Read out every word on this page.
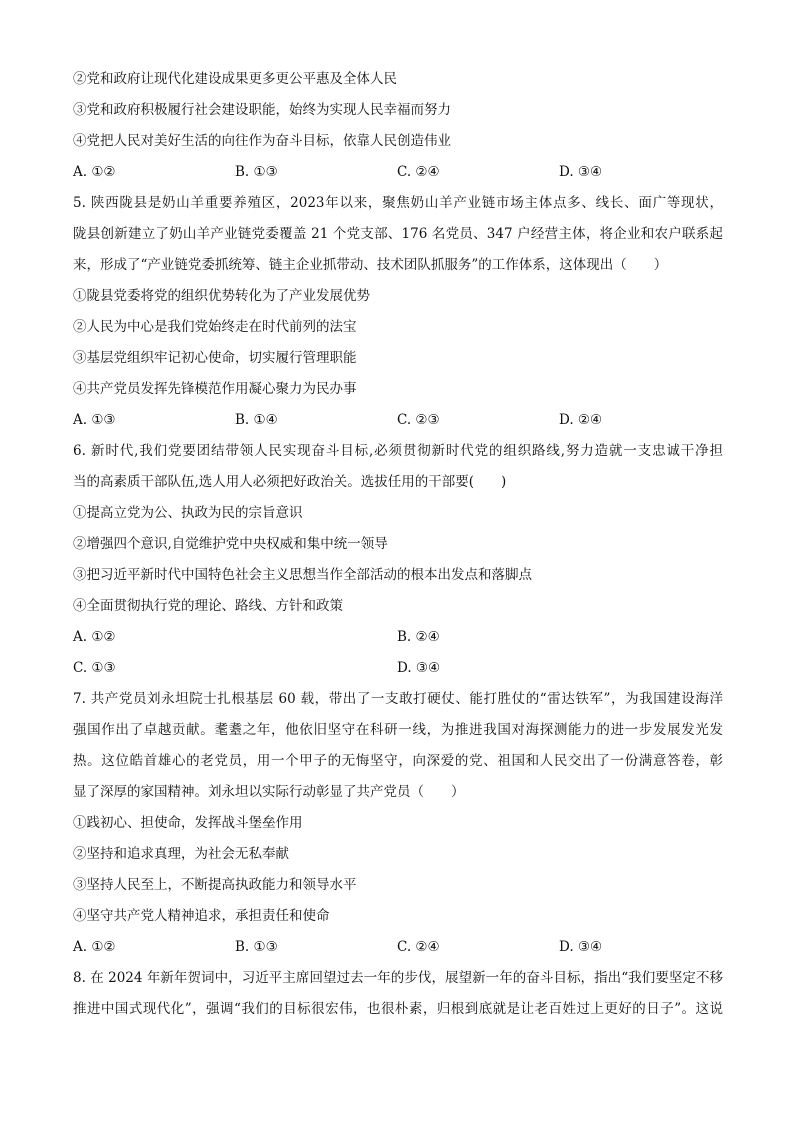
②党和政府让现代化建设成果更多更公平惠及全体人民
③党和政府积极履行社会建设职能，始终为实现人民幸福而努力
④党把人民对美好生活的向往作为奋斗目标，依靠人民创造伟业
A. ①②	B. ①③	C. ②④	D. ③④
5. 陕西陇县是奶山羊重要养殖区，2023年以来，聚焦奶山羊产业链市场主体点多、线长、面广等现状，
陇县创新建立了奶山羊产业链党委覆盖 21 个党支部、176 名党员、347 户经营主体，将企业和农户联系起
来，形成了“产业链党委抓统筹、链主企业抓带动、技术团队抓服务”的工作体系，这体现出（　　）
①陇县党委将党的组织优势转化为了产业发展优势
②人民为中心是我们党始终走在时代前列的法宝
③基层党组织牢记初心使命，切实履行管理职能
④共产党员发挥先锋模范作用凝心聚力为民办事
A. ①③	B. ①④	C. ②③	D. ②④
6. 新时代,我们党要团结带领人民实现奋斗目标,必须贯彻新时代党的组织路线,努力造就一支忠诚干净担
当的高素质干部队伍,选人用人必须把好政治关。选拔任用的干部要(　　)
①提高立党为公、执政为民的宗旨意识
②增强四个意识,自觉维护党中央权威和集中统一领导
③把习近平新时代中国特色社会主义思想当作全部活动的根本出发点和落脚点
④全面贯彻执行党的理论、路线、方针和政策
A. ①②	B. ②④
C. ①③	D. ③④
7. 共产党员刘永坦院士扎根基层 60 载，带出了一支敢打硬仗、能打胜仗的“雷达铁军”，为我国建设海洋
强国作出了卓越贡献。耄耋之年，他依旧坚守在科研一线，为推进我国对海探测能力的进一步发展发光发
热。这位皓首雄心的老党员，用一个甲子的无悔坚守，向深爱的党、祖国和人民交出了一份满意答卷，彰
显了深厚的家国精神。刘永坦以实际行动彰显了共产党员（　　）
①践初心、担使命，发挥战斗堡垒作用
②坚持和追求真理，为社会无私奉献
③坚持人民至上，不断提高执政能力和领导水平
④坚守共产党人精神追求，承担责任和使命
A. ①②	B. ①③	C. ②④	D. ③④
8. 在 2024 年新年贺词中，习近平主席回望过去一年的步伐，展望新一年的奋斗目标，指出“我们要坚定不移
推进中国式现代化”，强调“我们的目标很宏伟，也很朴素，归根到底就是让老百姓过上更好的日子”。这说
